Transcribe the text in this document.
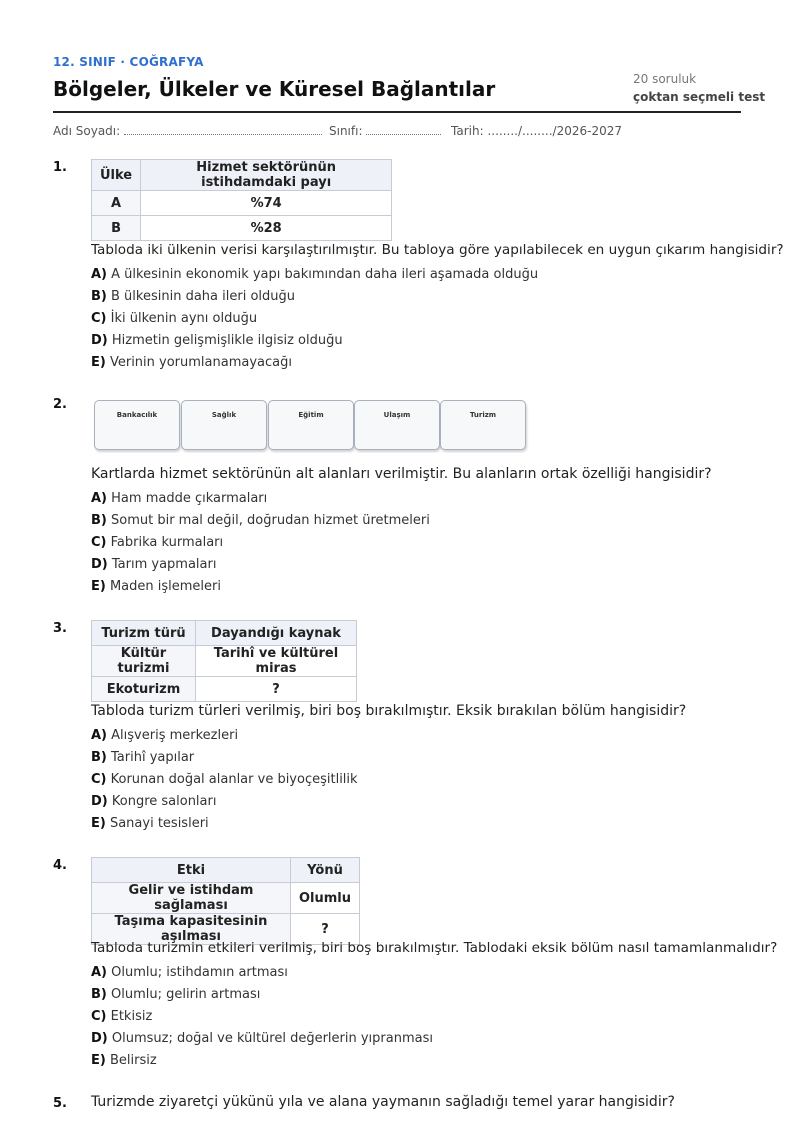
12. SINIF · COĞRAFYA
Bölgeler, Ülkeler ve Küresel Bağlantılar	20 soruluk
çoktan seçmeli test
Adı Soyadı:	Sınıfı:	Tarih: ......../......../2026-2027
1.	Ülke	Hizmet sektörünün istihdamdaki payı
A	%74
B	%28
Tabloda iki ülkenin verisi karşılaştırılmıştır. Bu tabloya göre yapılabilecek en uygun çıkarım hangisidir?
A) A ülkesinin ekonomik yapı bakımından daha ileri aşamada olduğu
B) B ülkesinin daha ileri olduğu
C) İki ülkenin aynı olduğu
D) Hizmetin gelişmişlikle ilgisiz olduğu
E) Verinin yorumlanamayacağı
2.
Bankacılık	Sağlık	Eğitim	Ulaşım	Turizm
Kartlarda hizmet sektörünün alt alanları verilmiştir. Bu alanların ortak özelliği hangisidir?
A) Ham madde çıkarmaları
B) Somut bir mal değil, doğrudan hizmet üretmeleri
C) Fabrika kurmaları
D) Tarım yapmaları
E) Maden işlemeleri
3.	Turizm türü	Dayandığı kaynak
Kültür turizmi	Tarihî ve kültürel miras
Ekoturizm	?
Tabloda turizm türleri verilmiş, biri boş bırakılmıştır. Eksik bırakılan bölüm hangisidir?
A) Alışveriş merkezleri
B) Tarihî yapılar
C) Korunan doğal alanlar ve biyoçeşitlilik
D) Kongre salonları
E) Sanayi tesisleri
4.	Etki	Yönü
Gelir ve istihdam sağlaması	Olumlu
Taşıma kapasitesinin aşılması	?
Tabloda turizmin etkileri verilmiş, biri boş bırakılmıştır. Tablodaki eksik bölüm nasıl tamamlanmalıdır?
A) Olumlu; istihdamın artması
B) Olumlu; gelirin artması
C) Etkisiz
D) Olumsuz; doğal ve kültürel değerlerin yıpranması
E) Belirsiz
5. Turizmde ziyaretçi yükünü yıla ve alana yaymanın sağladığı temel yarar hangisidir?
